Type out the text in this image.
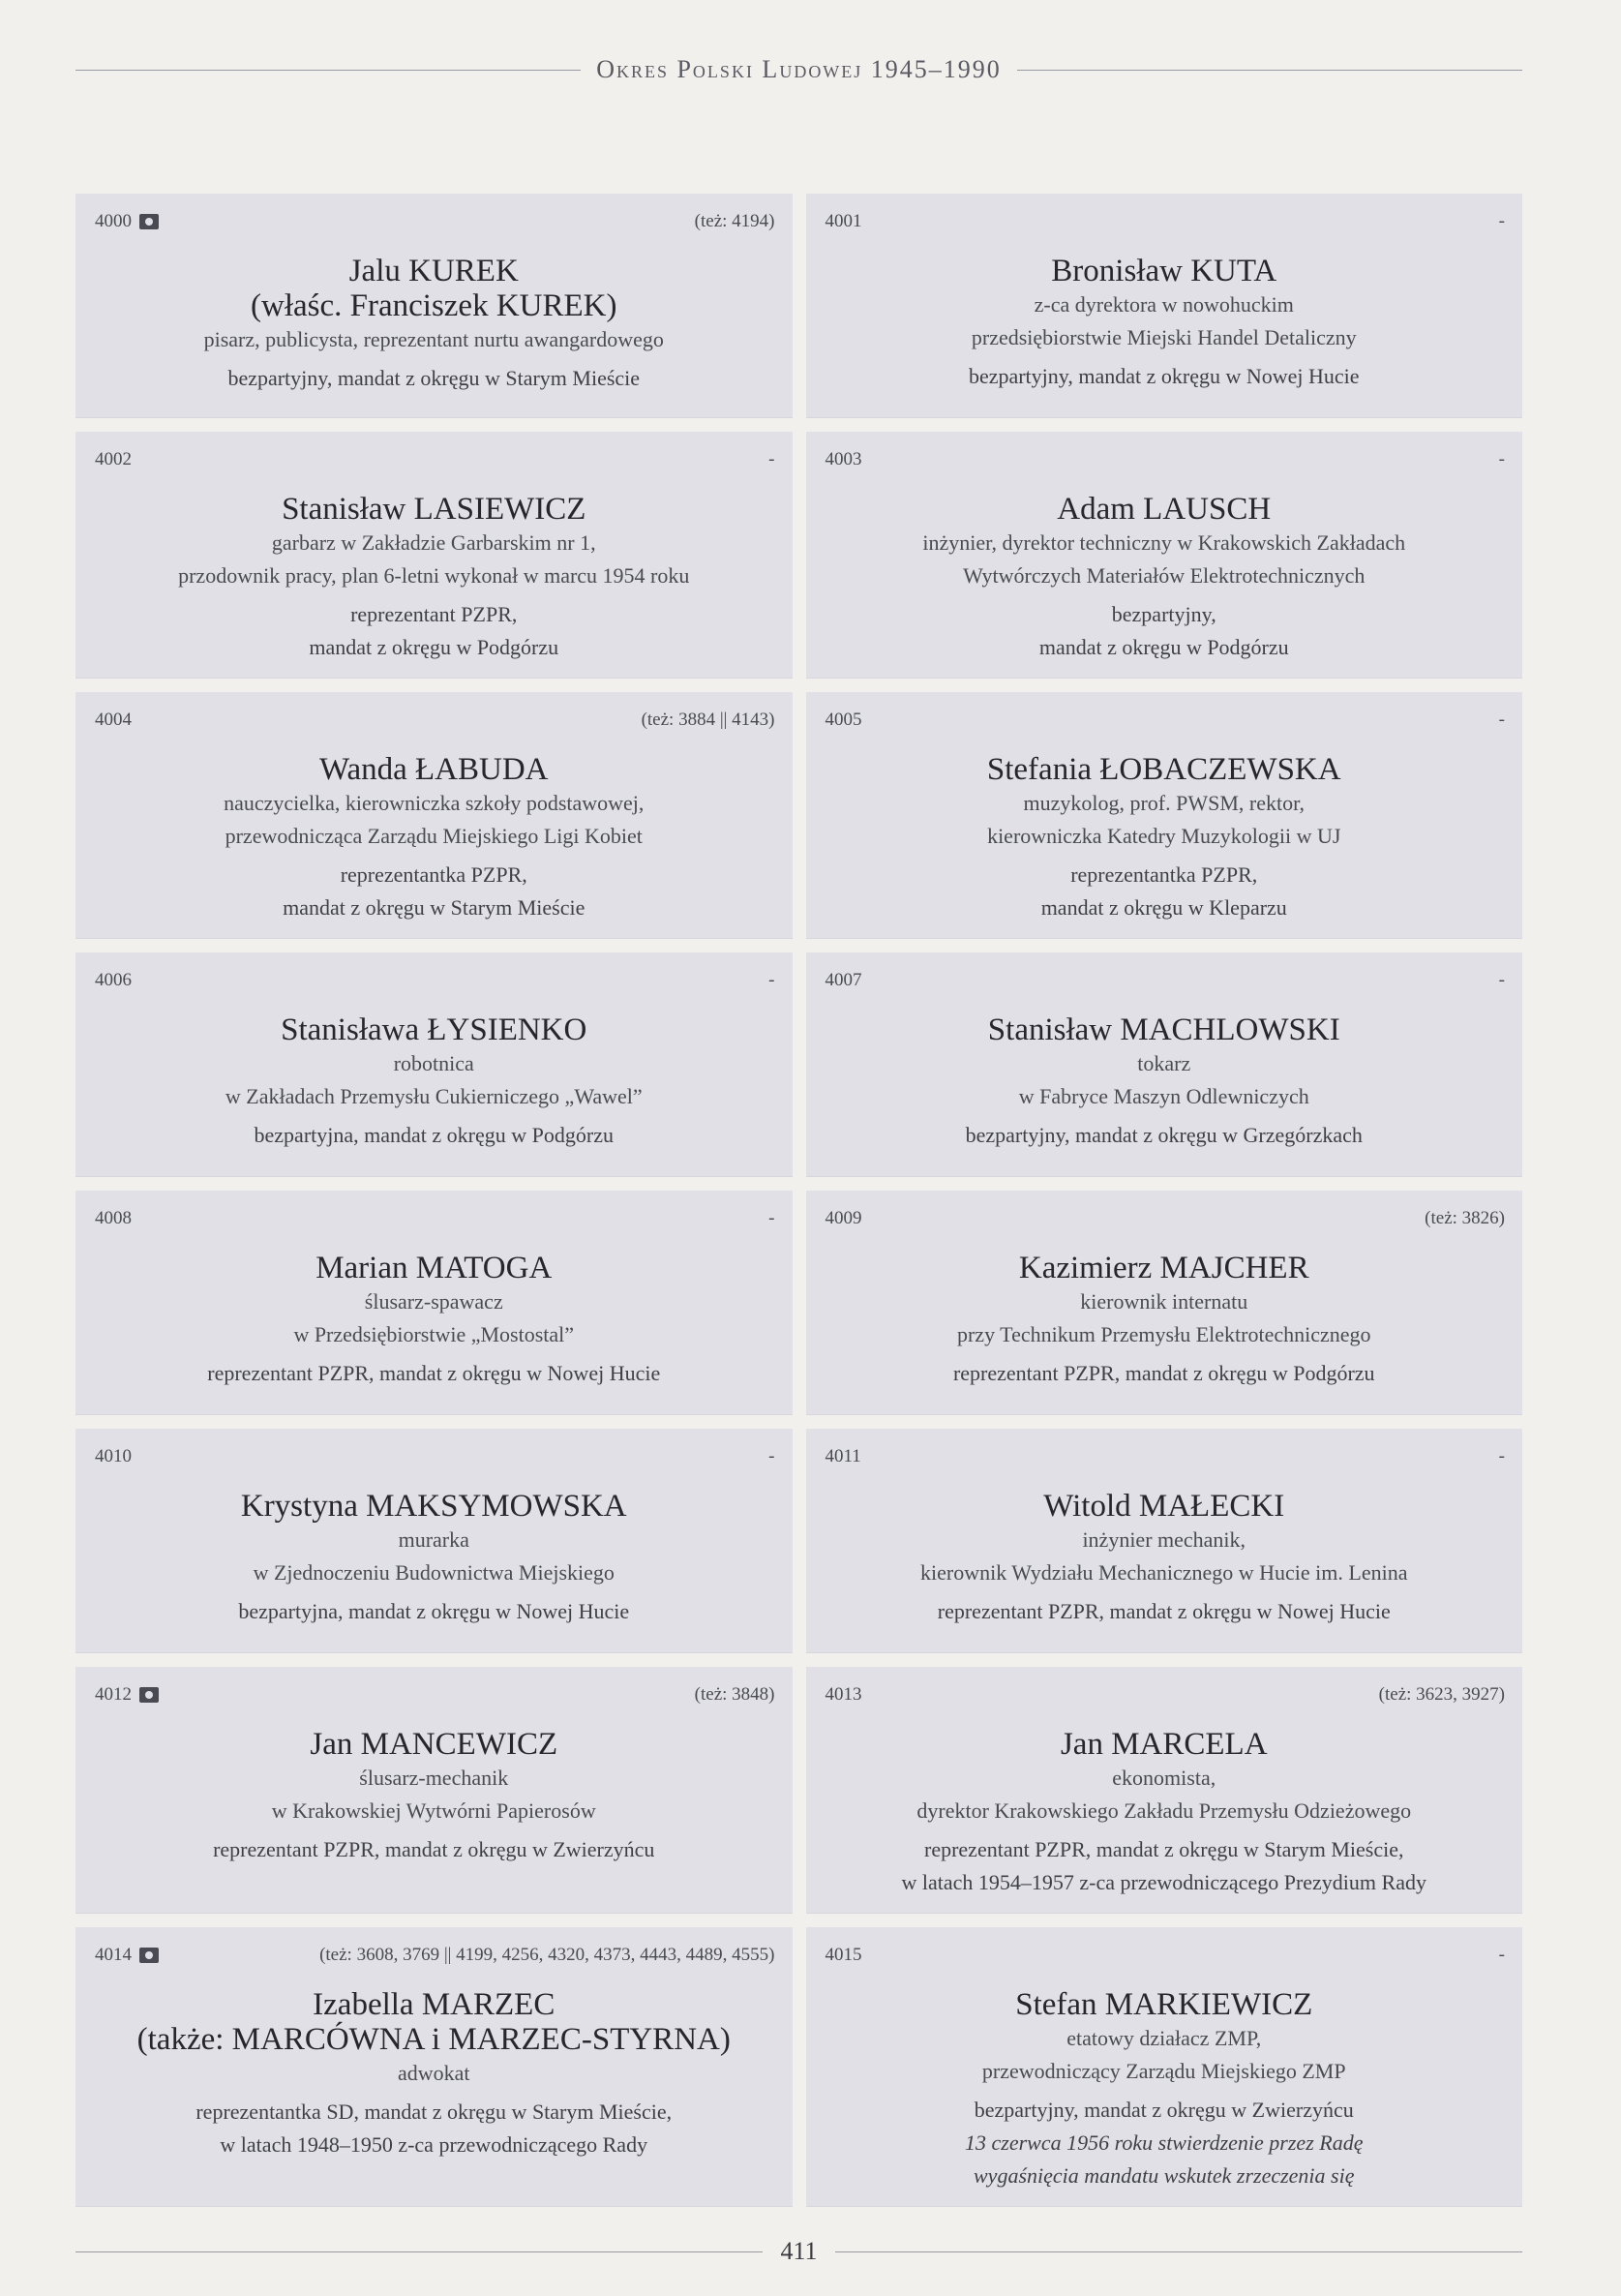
Okres Polski Ludowej 1945–1990
4000	(też: 4194)
Jalu KUREK
(właśc. Franciszek KUREK)
pisarz, publicysta, reprezentant nurtu awangardowego
bezpartyjny, mandat z okręgu w Starym Mieście
4001	-
Bronisław KUTA
z-ca dyrektora w nowohuckim
przedsiębiorstwie Miejski Handel Detaliczny
bezpartyjny, mandat z okręgu w Nowej Hucie
4002	-
Stanisław LASIEWICZ
garbarz w Zakładzie Garbarskim nr 1,
przodownik pracy, plan 6-letni wykonał w marcu 1954 roku
reprezentant PZPR,
mandat z okręgu w Podgórzu
4003	-
Adam LAUSCH
inżynier, dyrektor techniczny w Krakowskich Zakładach
Wytwórczych Materiałów Elektrotechnicznych
bezpartyjny,
mandat z okręgu w Podgórzu
4004	(też: 3884 || 4143)
Wanda ŁABUDA
nauczycielka, kierowniczka szkoły podstawowej,
przewodnicząca Zarządu Miejskiego Ligi Kobiet
reprezentantka PZPR,
mandat z okręgu w Starym Mieście
4005	-
Stefania ŁOBACZEWSKA
muzykolog, prof. PWSM, rektor,
kierowniczka Katedry Muzykologii w UJ
reprezentantka PZPR,
mandat z okręgu w Kleparzu
4006	-
Stanisława ŁYSIENKO
robotnica
w Zakładach Przemysłu Cukierniczego „Wawel”
bezpartyjna, mandat z okręgu w Podgórzu
4007	-
Stanisław MACHLOWSKI
tokarz
w Fabryce Maszyn Odlewniczych
bezpartyjny, mandat z okręgu w Grzegórzkach
4008	-
Marian MATOGA
ślusarz-spawacz
w Przedsiębiorstwie „Mostostal”
reprezentant PZPR, mandat z okręgu w Nowej Hucie
4009	(też: 3826)
Kazimierz MAJCHER
kierownik internatu
przy Technikum Przemysłu Elektrotechnicznego
reprezentant PZPR, mandat z okręgu w Podgórzu
4010	-
Krystyna MAKSYMOWSKA
murarka
w Zjednoczeniu Budownictwa Miejskiego
bezpartyjna, mandat z okręgu w Nowej Hucie
4011	-
Witold MAŁECKI
inżynier mechanik,
kierownik Wydziału Mechanicznego w Hucie im. Lenina
reprezentant PZPR, mandat z okręgu w Nowej Hucie
4012	(też: 3848)
Jan MANCEWICZ
ślusarz-mechanik
w Krakowskiej Wytwórni Papierosów
reprezentant PZPR, mandat z okręgu w Zwierzyńcu
4013	(też: 3623, 3927)
Jan MARCELA
ekonomista,
dyrektor Krakowskiego Zakładu Przemysłu Odzieżowego
reprezentant PZPR, mandat z okręgu w Starym Mieście,
w latach 1954–1957 z-ca przewodniczącego Prezydium Rady
4014	(też: 3608, 3769 || 4199, 4256, 4320, 4373, 4443, 4489, 4555)
Izabella MARZEC
(także: MARCÓWNA i MARZEC-STYRNA)
adwokat
reprezentantka SD, mandat z okręgu w Starym Mieście,
w latach 1948–1950 z-ca przewodniczącego Rady
4015	-
Stefan MARKIEWICZ
etatowy działacz ZMP,
przewodniczący Zarządu Miejskiego ZMP
bezpartyjny, mandat z okręgu w Zwierzyńcu
13 czerwca 1956 roku stwierdzenie przez Radę
wygaśnięcia mandatu wskutek zrzeczenia się
411
